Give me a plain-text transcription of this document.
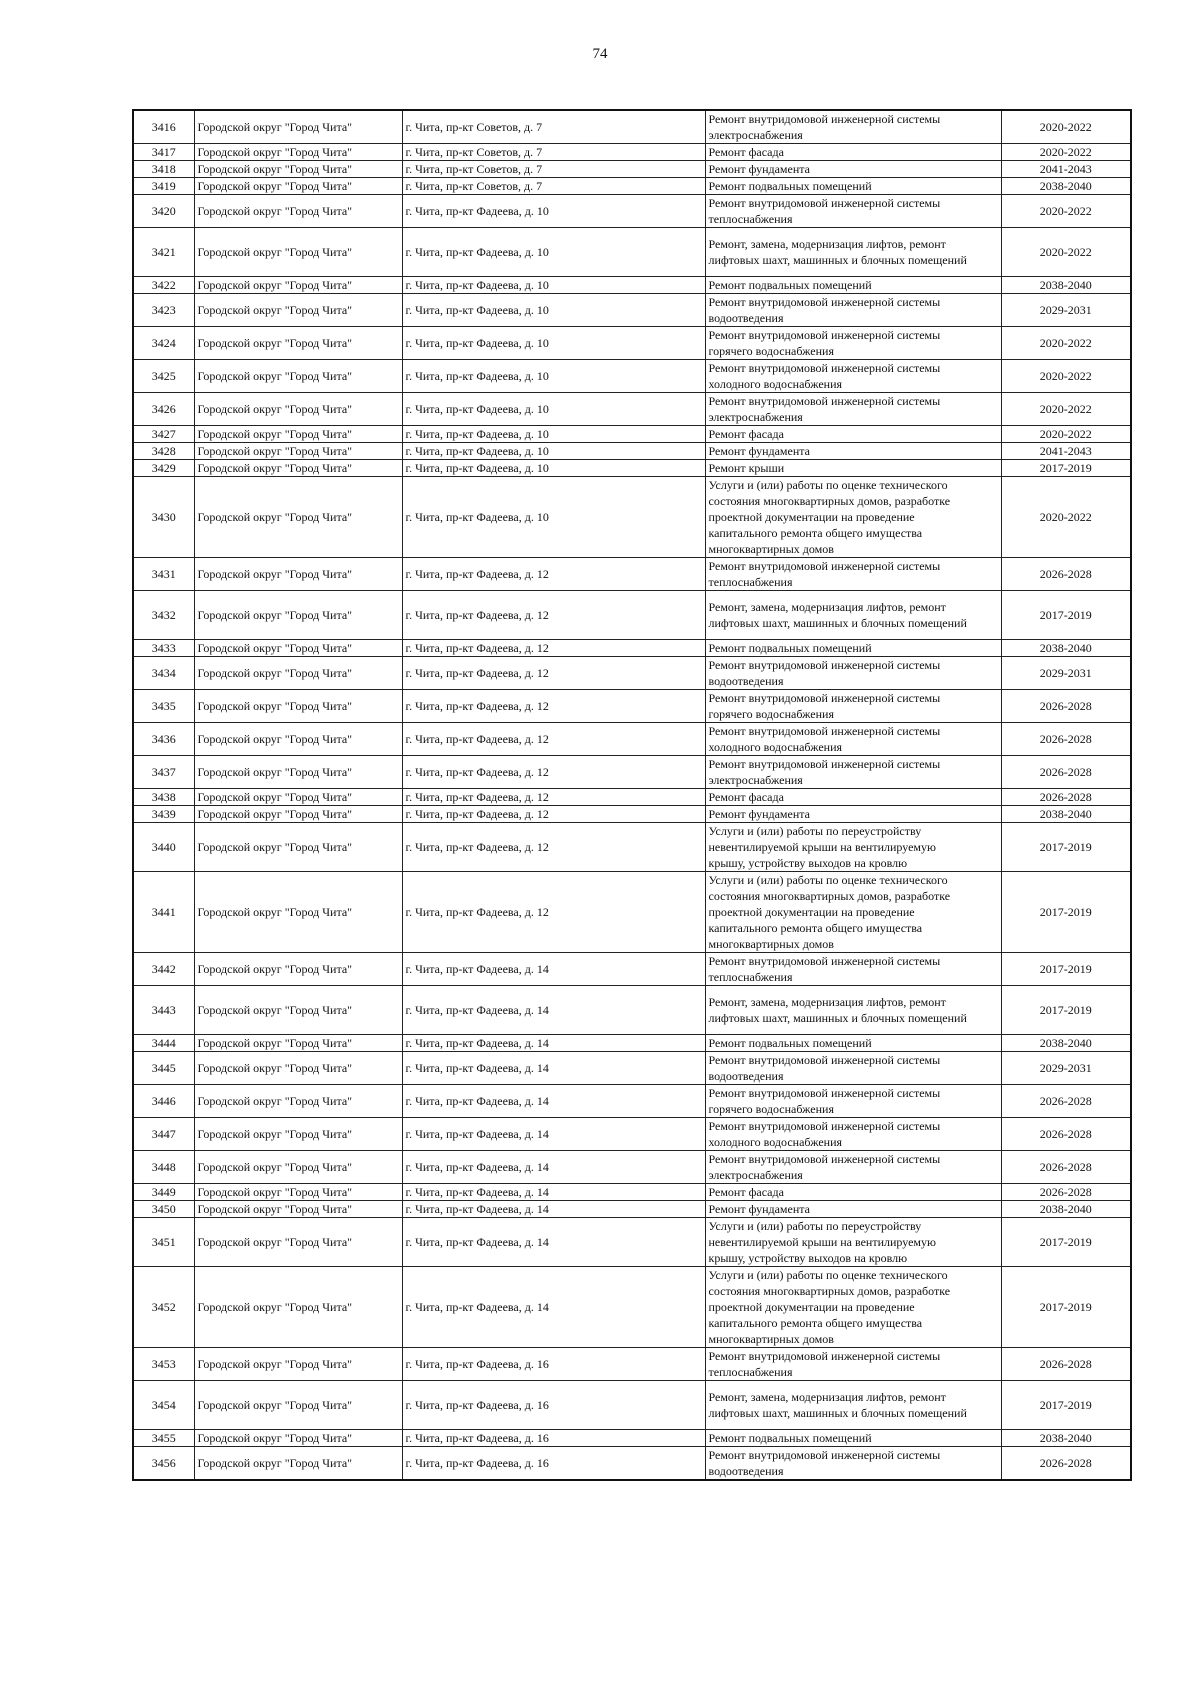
74
3416	Городской округ "Город Чита"	г. Чита, пр-кт Советов, д. 7	Ремонт внутридомовой инженерной системы
электроснабжения	2020-2022
3417	Городской округ "Город Чита"	г. Чита, пр-кт Советов, д. 7	Ремонт фасада	2020-2022
3418	Городской округ "Город Чита"	г. Чита, пр-кт Советов, д. 7	Ремонт фундамента	2041-2043
3419	Городской округ "Город Чита"	г. Чита, пр-кт Советов, д. 7	Ремонт подвальных помещений	2038-2040
3420	Городской округ "Город Чита"	г. Чита, пр-кт Фадеева, д. 10	Ремонт внутридомовой инженерной системы
теплоснабжения	2020-2022
3421	Городской округ "Город Чита"	г. Чита, пр-кт Фадеева, д. 10	Ремонт, замена, модернизация лифтов, ремонт
лифтовых шахт, машинных и блочных помещений	2020-2022
3422	Городской округ "Город Чита"	г. Чита, пр-кт Фадеева, д. 10	Ремонт подвальных помещений	2038-2040
3423	Городской округ "Город Чита"	г. Чита, пр-кт Фадеева, д. 10	Ремонт внутридомовой инженерной системы
водоотведения	2029-2031
3424	Городской округ "Город Чита"	г. Чита, пр-кт Фадеева, д. 10	Ремонт внутридомовой инженерной системы
горячего водоснабжения	2020-2022
3425	Городской округ "Город Чита"	г. Чита, пр-кт Фадеева, д. 10	Ремонт внутридомовой инженерной системы
холодного водоснабжения	2020-2022
3426	Городской округ "Город Чита"	г. Чита, пр-кт Фадеева, д. 10	Ремонт внутридомовой инженерной системы
электроснабжения	2020-2022
3427	Городской округ "Город Чита"	г. Чита, пр-кт Фадеева, д. 10	Ремонт фасада	2020-2022
3428	Городской округ "Город Чита"	г. Чита, пр-кт Фадеева, д. 10	Ремонт фундамента	2041-2043
3429	Городской округ "Город Чита"	г. Чита, пр-кт Фадеева, д. 10	Ремонт крыши	2017-2019
3430	Городской округ "Город Чита"	г. Чита, пр-кт Фадеева, д. 10	Услуги и (или) работы по оценке технического
состояния многоквартирных домов, разработке
проектной документации на проведение
капитального ремонта общего имущества
многоквартирных домов	2020-2022
3431	Городской округ "Город Чита"	г. Чита, пр-кт Фадеева, д. 12	Ремонт внутридомовой инженерной системы
теплоснабжения	2026-2028
3432	Городской округ "Город Чита"	г. Чита, пр-кт Фадеева, д. 12	Ремонт, замена, модернизация лифтов, ремонт
лифтовых шахт, машинных и блочных помещений	2017-2019
3433	Городской округ "Город Чита"	г. Чита, пр-кт Фадеева, д. 12	Ремонт подвальных помещений	2038-2040
3434	Городской округ "Город Чита"	г. Чита, пр-кт Фадеева, д. 12	Ремонт внутридомовой инженерной системы
водоотведения	2029-2031
3435	Городской округ "Город Чита"	г. Чита, пр-кт Фадеева, д. 12	Ремонт внутридомовой инженерной системы
горячего водоснабжения	2026-2028
3436	Городской округ "Город Чита"	г. Чита, пр-кт Фадеева, д. 12	Ремонт внутридомовой инженерной системы
холодного водоснабжения	2026-2028
3437	Городской округ "Город Чита"	г. Чита, пр-кт Фадеева, д. 12	Ремонт внутридомовой инженерной системы
электроснабжения	2026-2028
3438	Городской округ "Город Чита"	г. Чита, пр-кт Фадеева, д. 12	Ремонт фасада	2026-2028
3439	Городской округ "Город Чита"	г. Чита, пр-кт Фадеева, д. 12	Ремонт фундамента	2038-2040
3440	Городской округ "Город Чита"	г. Чита, пр-кт Фадеева, д. 12	Услуги и (или) работы по переустройству
невентилируемой крыши на вентилируемую
крышу, устройству выходов на кровлю	2017-2019
3441	Городской округ "Город Чита"	г. Чита, пр-кт Фадеева, д. 12	Услуги и (или) работы по оценке технического
состояния многоквартирных домов, разработке
проектной документации на проведение
капитального ремонта общего имущества
многоквартирных домов	2017-2019
3442	Городской округ "Город Чита"	г. Чита, пр-кт Фадеева, д. 14	Ремонт внутридомовой инженерной системы
теплоснабжения	2017-2019
3443	Городской округ "Город Чита"	г. Чита, пр-кт Фадеева, д. 14	Ремонт, замена, модернизация лифтов, ремонт
лифтовых шахт, машинных и блочных помещений	2017-2019
3444	Городской округ "Город Чита"	г. Чита, пр-кт Фадеева, д. 14	Ремонт подвальных помещений	2038-2040
3445	Городской округ "Город Чита"	г. Чита, пр-кт Фадеева, д. 14	Ремонт внутридомовой инженерной системы
водоотведения	2029-2031
3446	Городской округ "Город Чита"	г. Чита, пр-кт Фадеева, д. 14	Ремонт внутридомовой инженерной системы
горячего водоснабжения	2026-2028
3447	Городской округ "Город Чита"	г. Чита, пр-кт Фадеева, д. 14	Ремонт внутридомовой инженерной системы
холодного водоснабжения	2026-2028
3448	Городской округ "Город Чита"	г. Чита, пр-кт Фадеева, д. 14	Ремонт внутридомовой инженерной системы
электроснабжения	2026-2028
3449	Городской округ "Город Чита"	г. Чита, пр-кт Фадеева, д. 14	Ремонт фасада	2026-2028
3450	Городской округ "Город Чита"	г. Чита, пр-кт Фадеева, д. 14	Ремонт фундамента	2038-2040
3451	Городской округ "Город Чита"	г. Чита, пр-кт Фадеева, д. 14	Услуги и (или) работы по переустройству
невентилируемой крыши на вентилируемую
крышу, устройству выходов на кровлю	2017-2019
3452	Городской округ "Город Чита"	г. Чита, пр-кт Фадеева, д. 14	Услуги и (или) работы по оценке технического
состояния многоквартирных домов, разработке
проектной документации на проведение
капитального ремонта общего имущества
многоквартирных домов	2017-2019
3453	Городской округ "Город Чита"	г. Чита, пр-кт Фадеева, д. 16	Ремонт внутридомовой инженерной системы
теплоснабжения	2026-2028
3454	Городской округ "Город Чита"	г. Чита, пр-кт Фадеева, д. 16	Ремонт, замена, модернизация лифтов, ремонт
лифтовых шахт, машинных и блочных помещений	2017-2019
3455	Городской округ "Город Чита"	г. Чита, пр-кт Фадеева, д. 16	Ремонт подвальных помещений	2038-2040
3456	Городской округ "Город Чита"	г. Чита, пр-кт Фадеева, д. 16	Ремонт внутридомовой инженерной системы
водоотведения	2026-2028
